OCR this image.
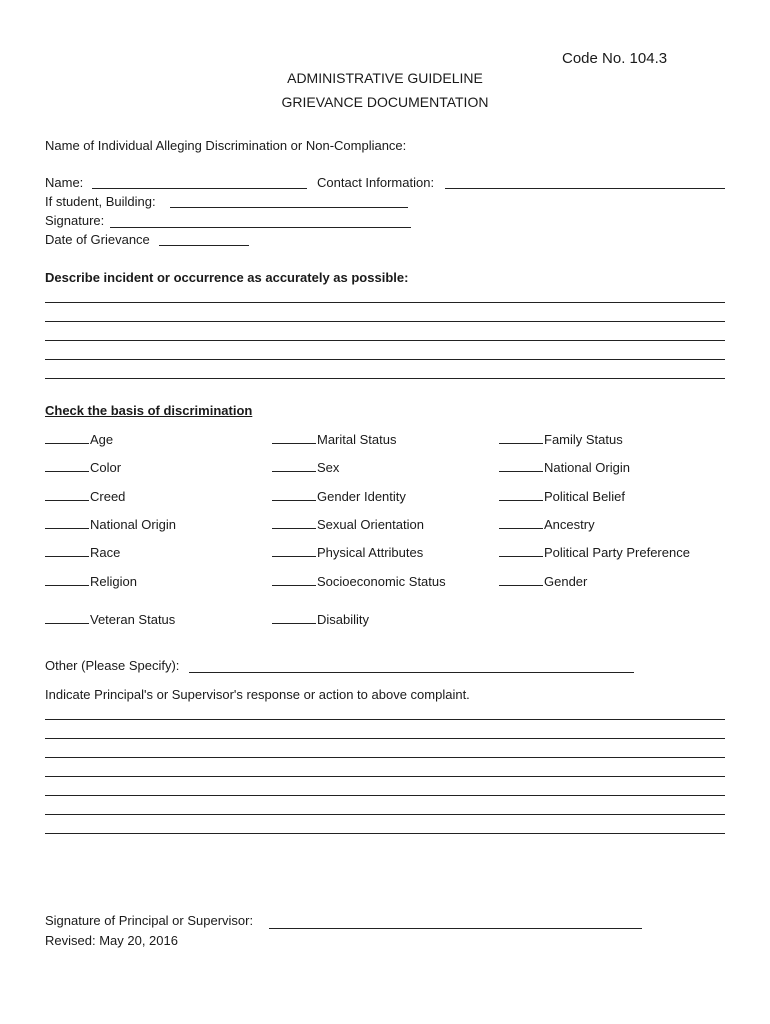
Code No. 104.3
ADMINISTRATIVE GUIDELINE
GRIEVANCE DOCUMENTATION
Name of Individual Alleging Discrimination or Non-Compliance:
Name:	Contact Information:
If student, Building:
Signature:
Date of Grievance
Describe incident or occurrence as accurately as possible:
Check the basis of discrimination
Age
Color
Creed
National Origin
Race
Religion
Veteran Status
Marital Status
Sex
Gender Identity
Sexual Orientation
Physical Attributes
Socioeconomic Status
Disability
Family Status
National Origin
Political Belief
Ancestry
Political Party Preference
Gender
Other (Please Specify):
Indicate Principal's or Supervisor's response or action to above complaint.
Signature of Principal or Supervisor:
Revised: May 20, 2016
